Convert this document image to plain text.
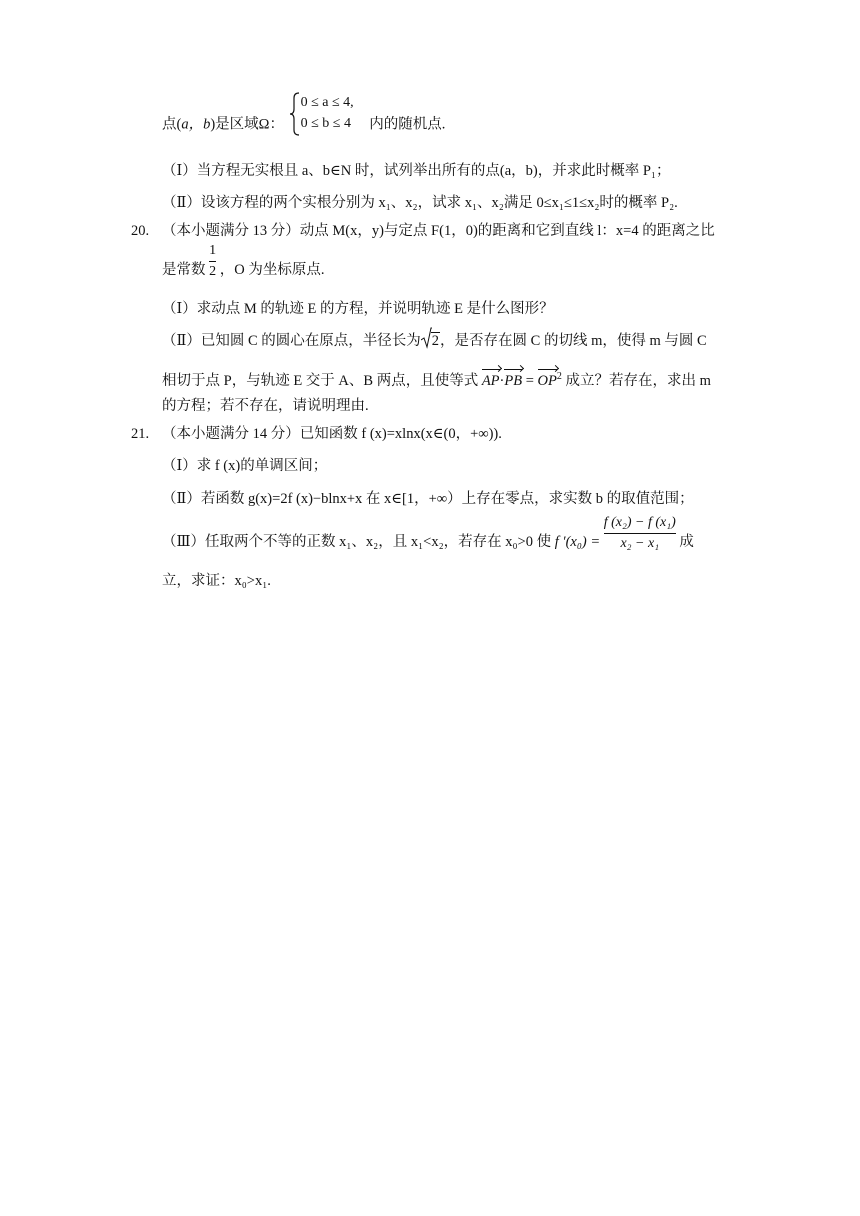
点(a，b)是区域Ω：
0 ≤ a ≤ 4,
0 ≤ b ≤ 4 内的随机点.
（Ⅰ）当方程无实根且 a、b∈N 时，试列举出所有的点(a，b)，并求此时概率 P₁；
（Ⅱ）设该方程的两个实根分别为 x₁、x₂，试求 x₁、x₂满足 0≤x₁≤1≤x₂时的概率 P₂.
20. （本小题满分 13 分）动点 M(x，y)与定点 F(1，0)的距离和它到直线 l：x=4 的距离之比
是常数 $\frac{1}{2}$ ，O 为坐标原点.
（Ⅰ）求动点 M 的轨迹 E 的方程，并说明轨迹 E 是什么图形？
（Ⅱ）已知圆 C 的圆心在原点，半径长为 2，是否存在圆 C 的切线 m，使得 m 与圆 C
相切于点 P，与轨迹 E 交于 A、B 两点，且使等式 $AP\cdot PB = OP^2$ 成立？若存在，求出 m
的方程；若不存在，请说明理由.
21. （本小题满分 14 分）已知函数 f (x)=xlnx(x∈(0，+∞)).
（Ⅰ）求 f (x)的单调区间；
（Ⅱ）若函数 g(x)=2f (x)−blnx+x 在 x∈[1，+∞）上存在零点，求实数 b 的取值范围；
（Ⅲ）任取两个不等的正数 x₁、x₂，且 x₁<x₂，若存在 x₀>0 使 f $'(x_0) = \frac{\text{f (x₂) − f (x₁)}}{\text{x₂ − x₁}}$ 成
立，求证：x₀>x₁.
